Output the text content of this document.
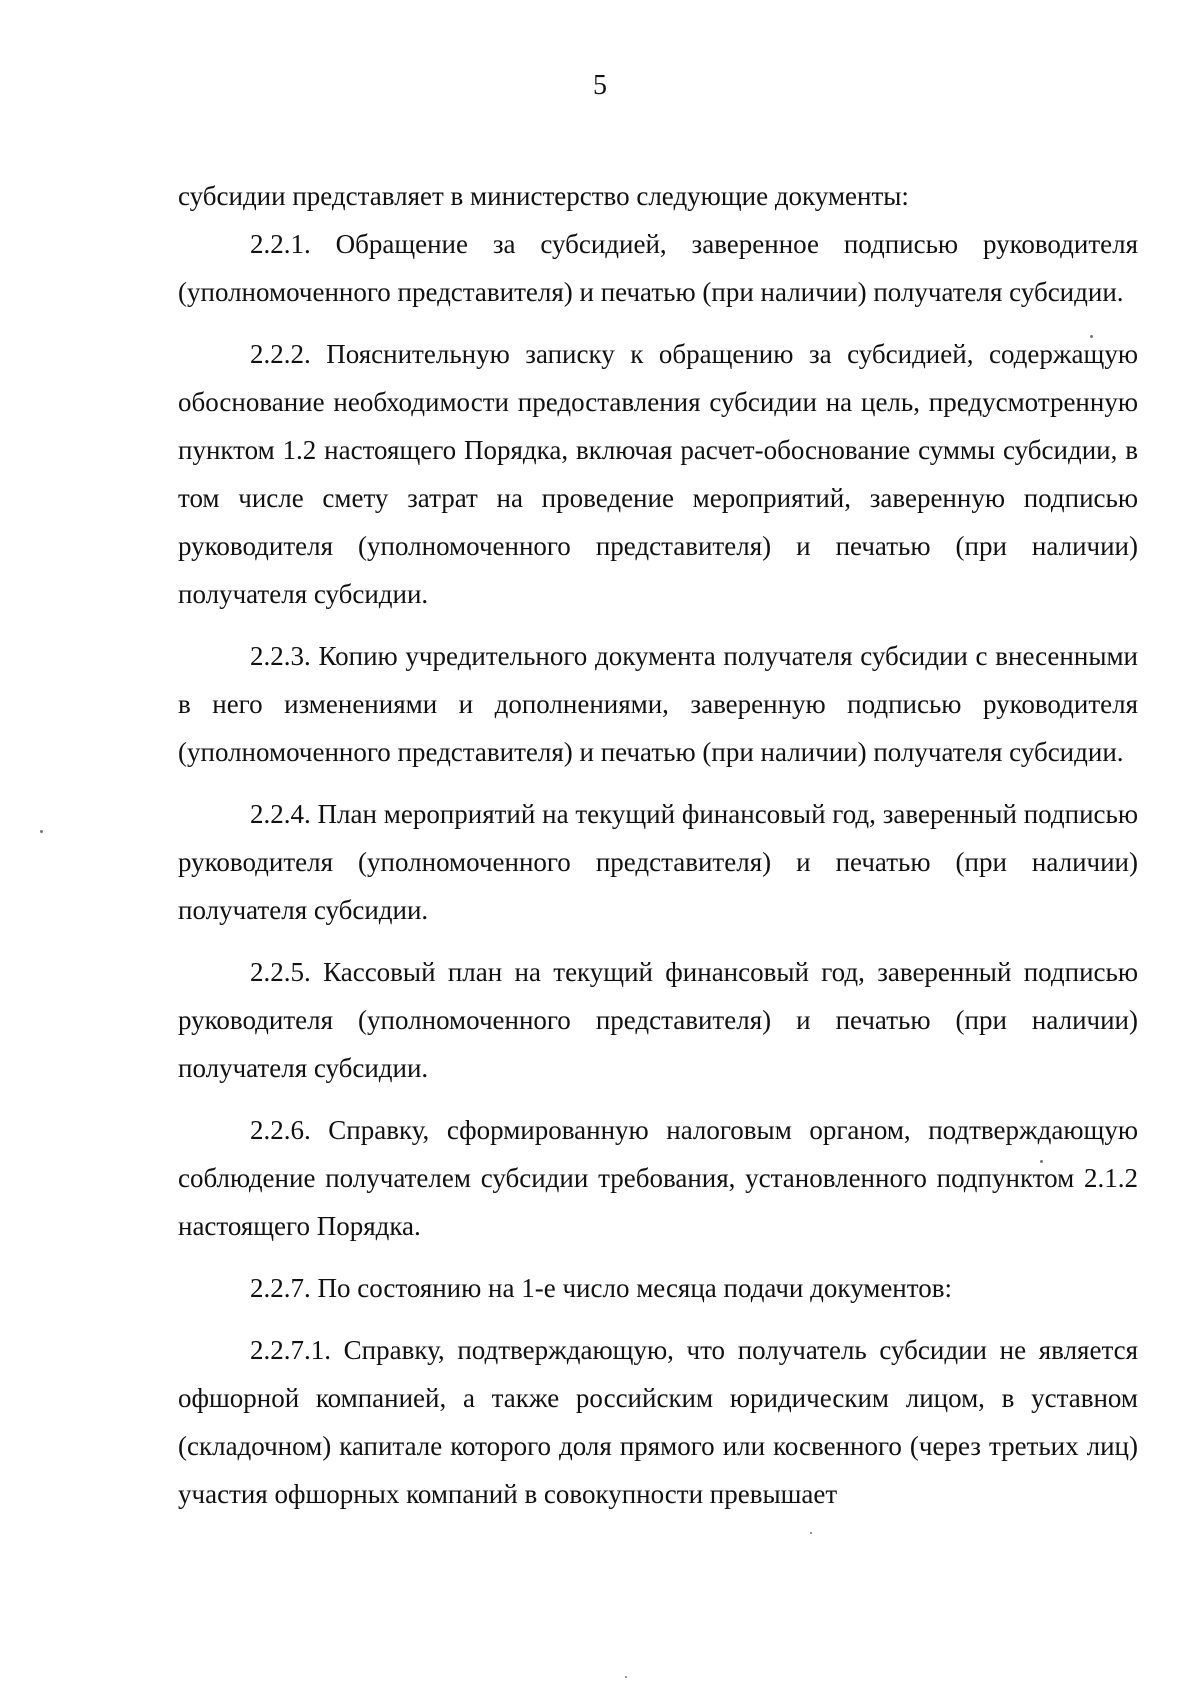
5

субсидии представляет в министерство следующие документы:

2.2.1. Обращение за субсидией, заверенное подписью руководителя (уполномоченного представителя) и печатью (при наличии) получателя субсидии.

2.2.2. Пояснительную записку к обращению за субсидией, содержащую обоснование необходимости предоставления субсидии на цель, предусмотренную пунктом 1.2 настоящего Порядка, включая расчет-обоснование суммы субсидии, в том числе смету затрат на проведение мероприятий, заверенную подписью руководителя (уполномоченного представителя) и печатью (при наличии) получателя субсидии.

2.2.3. Копию учредительного документа получателя субсидии с внесенными в него изменениями и дополнениями, заверенную подписью руководителя (уполномоченного представителя) и печатью (при наличии) получателя субсидии.

2.2.4. План мероприятий на текущий финансовый год, заверенный подписью руководителя (уполномоченного представителя) и печатью (при наличии) получателя субсидии.

2.2.5. Кассовый план на текущий финансовый год, заверенный подписью руководителя (уполномоченного представителя) и печатью (при наличии) получателя субсидии.

2.2.6. Справку, сформированную налоговым органом, подтверждающую соблюдение получателем субсидии требования, установленного подпунктом 2.1.2 настоящего Порядка.

2.2.7. По состоянию на 1-е число месяца подачи документов:

2.2.7.1. Справку, подтверждающую, что получатель субсидии не является офшорной компанией, а также российским юридическим лицом, в уставном (складочном) капитале которого доля прямого или косвенного (через третьих лиц) участия офшорных компаний в совокупности превышает
